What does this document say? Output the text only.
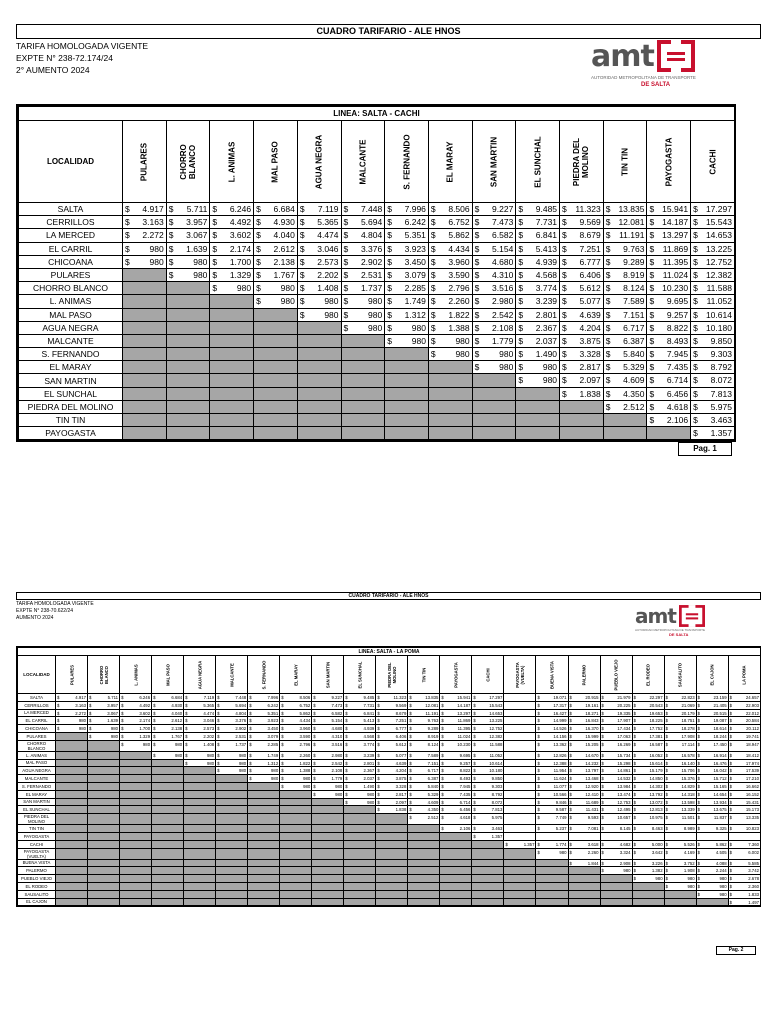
CUADRO TARIFARIO - ALE HNOS
TARIFA HOMOLOGADA VIGENTE
EXPTE N° 238-72.174/24
2° AUMENTO 2024	amt
AUTORIDAD METROPOLITANA DE TRANSPORTE
DE SALTA
LINEA: SALTA - CACHI														
LOCALIDAD	PULARES	CHORRO
BLANCO	L. ANIMAS	MAL PASO	AGUA NEGRA	MALCANTE	S. FERNANDO	EL MARAY	SAN MARTIN	EL SUNCHAL	PIEDRA DEL
MOLINO	TIN TIN	PAYOGASTA	CACHI

SALTA	$ 4.917	$ 5.711	$ 6.246	$ 6.684	$ 7.119	$ 7.448	$ 7.996	$ 8.506	$ 9.227	$ 9.485	$ 11.323	$ 13.835	$ 15.941	$ 17.297

CERRILLOS	$ 3.163	$ 3.957	$ 4.492	$ 4.930	$ 5.365	$ 5.694	$ 6.242	$ 6.752	$ 7.473	$ 7.731	$ 9.569	$ 12.081	$ 14.187	$ 15.543

LA MERCED	$ 2.272	$ 3.067	$ 3.602	$ 4.040	$ 4.474	$ 4.804	$ 5.351	$ 5.862	$ 6.582	$ 6.841	$ 8.679	$ 11.191	$ 13.297	$ 14.653

EL CARRIL	$ 980	$ 1.639	$ 2.174	$ 2.612	$ 3.046	$ 3.376	$ 3.923	$ 4.434	$ 5.154	$ 5.413	$ 7.251	$ 9.763	$ 11.869	$ 13.225

CHICOANA	$ 980	$ 980	$ 1.700	$ 2.138	$ 2.573	$ 2.902	$ 3.450	$ 3.960	$ 4.680	$ 4.939	$ 6.777	$ 9.289	$ 11.395	$ 12.752

PULARES		$ 980	$ 1.329	$ 1.767	$ 2.202	$ 2.531	$ 3.079	$ 3.590	$ 4.310	$ 4.568	$ 6.406	$ 8.919	$ 11.024	$ 12.382

CHORRO BLANCO			$ 980	$ 980	$ 1.408	$ 1.737	$ 2.285	$ 2.796	$ 3.516	$ 3.774	$ 5.612	$ 8.124	$ 10.230	$ 11.588

L. ANIMAS				$ 980	$ 980	$ 980	$ 1.749	$ 2.260	$ 2.980	$ 3.239	$ 5.077	$ 7.589	$ 9.695	$ 11.052

MAL PASO					$ 980	$ 980	$ 1.312	$ 1.822	$ 2.542	$ 2.801	$ 4.639	$ 7.151	$ 9.257	$ 10.614

AGUA NEGRA						$ 980	$ 980	$ 1.388	$ 2.108	$ 2.367	$ 4.204	$ 6.717	$ 8.822	$ 10.180

MALCANTE							$ 980	$ 980	$ 1.779	$ 2.037	$ 3.875	$ 6.387	$ 8.493	$ 9.850

S. FERNANDO								$ 980	$ 980	$ 1.490	$ 3.328	$ 5.840	$ 7.945	$ 9.303

EL MARAY									$ 980	$ 980	$ 2.817	$ 5.329	$ 7.435	$ 8.792

SAN MARTIN										$ 980	$ 2.097	$ 4.609	$ 6.714	$ 8.072

EL SUNCHAL											$ 1.838	$ 4.350	$ 6.456	$ 7.813

PIEDRA DEL MOLINO												$ 2.512	$ 4.618	$ 5.975

TIN TIN													$ 2.106	$ 3.463

PAYOGASTA														$ 1.357
Pag. 1
CUADRO TARIFARIO - ALE HNOS
TARIFA HOMOLOGADA VIGENTE
EXPTE N° 238-70.622/24
AUMENTO 2024	amt
AUTORIDAD METROPOLITANA DE TRANSPORTE
DE SALTA
LINEA: SALTA - LA POMA																						
LOCALIDAD	PULARES	CHORRO
BLANCO	L. ANIMAS	MAL PASO	AGUA NEGRA	MALCANTE	S. FERNANDO	EL MARAY	SAN MARTIN	EL SUNCHAL	PIEDRA DEL
MOLINO	TIN TIN	PAYOGASTA	CACHI	PAYOGASTA
(VUELTA)	BUENA VISTA	PALERMO	PUEBLO VIEJO	EL RODEO	SAUSALITO	EL CAJON	LA POMA

SALTA	$ 4.917	$ 5.711	$ 6.246	$ 6.684	$ 7.119	$ 7.448	$ 7.996	$ 8.506	$ 9.227	$ 9.485	$ 11.323	$ 13.835	$ 15.941	$ 17.297		$ 19.071	$ 20.915	$ 21.979	$ 22.297	$ 22.823	$ 23.159	$ 24.657

CERRILLOS	$ 3.163	$ 3.957	$ 4.492	$ 4.930	$ 5.365	$ 5.694	$ 6.242	$ 6.752	$ 7.473	$ 7.731	$ 9.569	$ 12.081	$ 14.187	$ 15.543		$ 17.317	$ 19.161	$ 20.225	$ 20.543	$ 21.069	$ 21.405	$ 22.903

LA MERCED	$ 2.272	$ 3.067	$ 3.602	$ 4.040	$ 4.474	$ 4.804	$ 5.351	$ 5.862	$ 6.582	$ 6.841	$ 8.679	$ 11.191	$ 13.297	$ 14.653		$ 16.427	$ 18.271	$ 19.335	$ 19.653	$ 20.179	$ 20.515	$ 22.012

EL CARRIL	$ 980	$ 1.639	$ 2.174	$ 2.612	$ 3.046	$ 3.376	$ 3.923	$ 4.434	$ 5.154	$ 5.413	$ 7.251	$ 9.763	$ 11.869	$ 13.225		$ 14.999	$ 16.843	$ 17.907	$ 18.225	$ 18.751	$ 19.087	$ 20.584

CHICOANA	$ 980	$ 980	$ 1.700	$ 2.138	$ 2.573	$ 2.902	$ 3.450	$ 3.960	$ 4.680	$ 4.939	$ 6.777	$ 9.289	$ 11.395	$ 12.752		$ 14.526	$ 16.370	$ 17.434	$ 17.752	$ 18.278	$ 18.614	$ 20.112

PULARES		$ 980	$ 1.329	$ 1.767	$ 2.202	$ 2.531	$ 3.079	$ 3.590	$ 4.310	$ 4.568	$ 6.406	$ 8.919	$ 11.024	$ 12.382		$ 14.156	$ 15.999	$ 17.063	$ 17.381	$ 17.908	$ 18.244	$ 19.741

CHORRO BLANCO			$ 980	$ 980	$ 1.408	$ 1.737	$ 2.285	$ 2.796	$ 3.516	$ 3.774	$ 5.612	$ 8.124	$ 10.230	$ 11.588		$ 13.362	$ 15.205	$ 16.269	$ 16.587	$ 17.114	$ 17.450	$ 18.947

L. ANIMAS				$ 980	$ 980	$ 980	$ 1.749	$ 2.260	$ 2.980	$ 3.239	$ 5.077	$ 7.589	$ 9.695	$ 11.052		$ 12.826	$ 14.670	$ 15.734	$ 16.052	$ 16.578	$ 16.914	$ 18.412

MAL PASO					$ 980	$ 980	$ 1.312	$ 1.822	$ 2.542	$ 2.801	$ 4.639	$ 7.151	$ 9.257	$ 10.614		$ 12.388	$ 14.232	$ 15.298	$ 15.614	$ 16.140	$ 16.476	$ 17.974

AGUA NEGRA						$ 980	$ 980	$ 1.388	$ 2.108	$ 2.367	$ 4.204	$ 6.717	$ 8.822	$ 10.180		$ 11.954	$ 13.797	$ 14.861	$ 15.179	$ 15.706	$ 16.042	$ 17.539

MALCANTE							$ 980	$ 980	$ 1.779	$ 2.037	$ 3.875	$ 6.387	$ 8.493	$ 9.850		$ 11.624	$ 13.468	$ 14.532	$ 14.850	$ 15.376	$ 15.712	$ 17.210

S. FERNANDO								$ 980	$ 980	$ 1.490	$ 3.328	$ 5.840	$ 7.945	$ 9.303		$ 11.077	$ 12.920	$ 13.984	$ 14.302	$ 14.829	$ 15.165	$ 16.662

EL MARAY									$ 980	$ 980	$ 2.817	$ 5.329	$ 7.435	$ 8.792		$ 10.566	$ 12.410	$ 13.474	$ 13.792	$ 14.318	$ 14.654	$ 16.152

SAN MARTIN										$ 980	$ 2.097	$ 4.609	$ 6.714	$ 8.072		$ 9.846	$ 11.689	$ 12.753	$ 13.072	$ 13.598	$ 13.934	$ 15.431

EL SUNCHAL											$ 1.838	$ 4.350	$ 6.456	$ 7.813		$ 9.587	$ 11.431	$ 12.495	$ 12.813	$ 13.339	$ 13.675	$ 15.173

PIEDRA DEL MOLINO												$ 2.512	$ 4.618	$ 5.975		$ 7.749	$ 9.593	$ 10.657	$ 10.975	$ 11.501	$ 11.837	$ 13.335

TIN TIN													$ 2.106	$ 3.463		$ 5.237	$ 7.081	$ 8.145	$ 8.463	$ 8.989	$ 9.325	$ 10.823

PAYOGASTA														$ 1.357								

CACHI															$ 1.357	$ 1.774	$ 3.618	$ 4.682	$ 5.000	$ 5.526	$ 5.862	$ 7.360

PAYOGASTA (VUELTA)																$ 980	$ 2.260	$ 3.324	$ 3.642	$ 4.169	$ 4.505	$ 6.002

BUENA VISTA																	$ 1.844	$ 2.908	$ 3.226	$ 3.752	$ 4.088	$ 5.585

PALERMO																		$ 980	$ 1.382	$ 1.908	$ 2.244	$ 3.742

PUEBLO VIEJO																			$ 980	$ 980	$ 980	$ 2.678

EL RODEO																				$ 980	$ 980	$ 2.360

SAUSALITO																					$ 980	$ 1.833

EL CAJON																						$ 1.497
Pag. 2
